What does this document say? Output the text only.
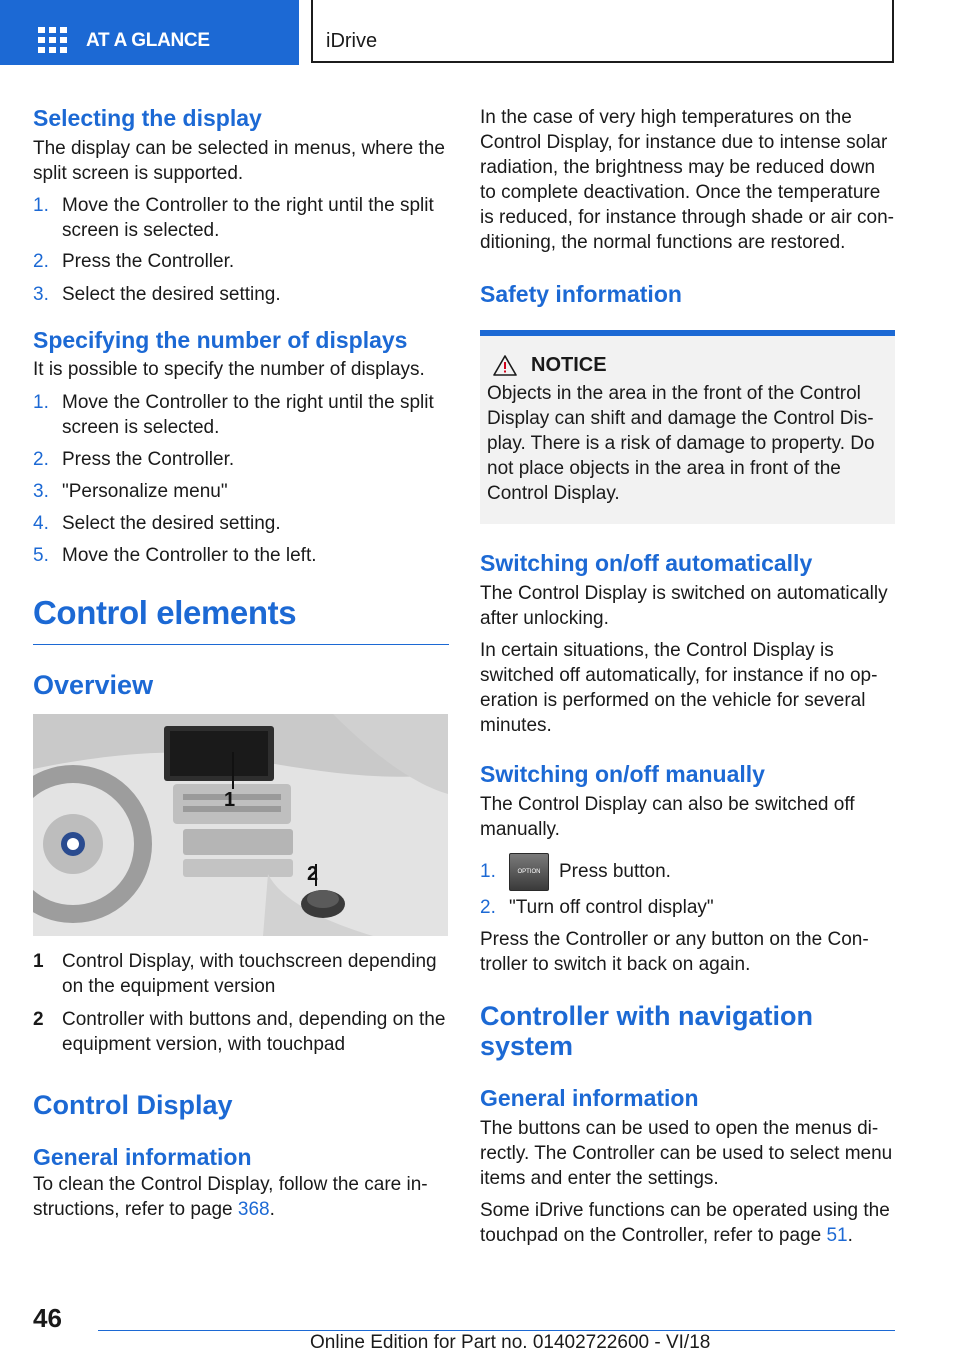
AT A GLANCE	iDrive
Selecting the display

The display can be selected in menus, where the split screen is supported.

1. Move the Controller to the right until the split screen is selected.
2. Press the Controller.
3. Select the desired setting.
Specifying the number of displays

It is possible to specify the number of displays.

1. Move the Controller to the right until the split screen is selected.
2. Press the Controller.
3. "Personalize menu"
4. Select the desired setting.
5. Move the Controller to the left.
Control elements
Overview
1
2
1 Control Display, with touchscreen depending on the equipment version
2 Controller with buttons and, depending on the equipment version, with touchpad
Control Display
General information

To clean the Control Display, follow the care in-structions, refer to page 368.

In the case of very high temperatures on the Control Display, for instance due to intense solar radiation, the brightness may be reduced down to complete deactivation. Once the temperature is reduced, for instance through shade or air con-ditioning, the normal functions are restored.

Safety information
NOTICE

Objects in the area in the front of the Control Display can shift and damage the Control Dis-play. There is a risk of damage to property. Do not place objects in the area in front of the Control Display.

Switching on/off automatically

The Control Display is switched on automatically after unlocking.

In certain situations, the Control Display is switched off automatically, for instance if no op-eration is performed on the vehicle for several minutes.

Switching on/off manually

The Control Display can also be switched off manually.

1.	OPTION Press button.
2. "Turn off control display"

Press the Controller or any button on the Con-troller to switch it back on again.

Controller with navigation system
General information

The buttons can be used to open the menus di-rectly. The Controller can be used to select menu items and enter the settings.

Some iDrive functions can be operated using the touchpad on the Controller, refer to page 51.

46
Online Edition for Part no. 01402722600 - VI/18
